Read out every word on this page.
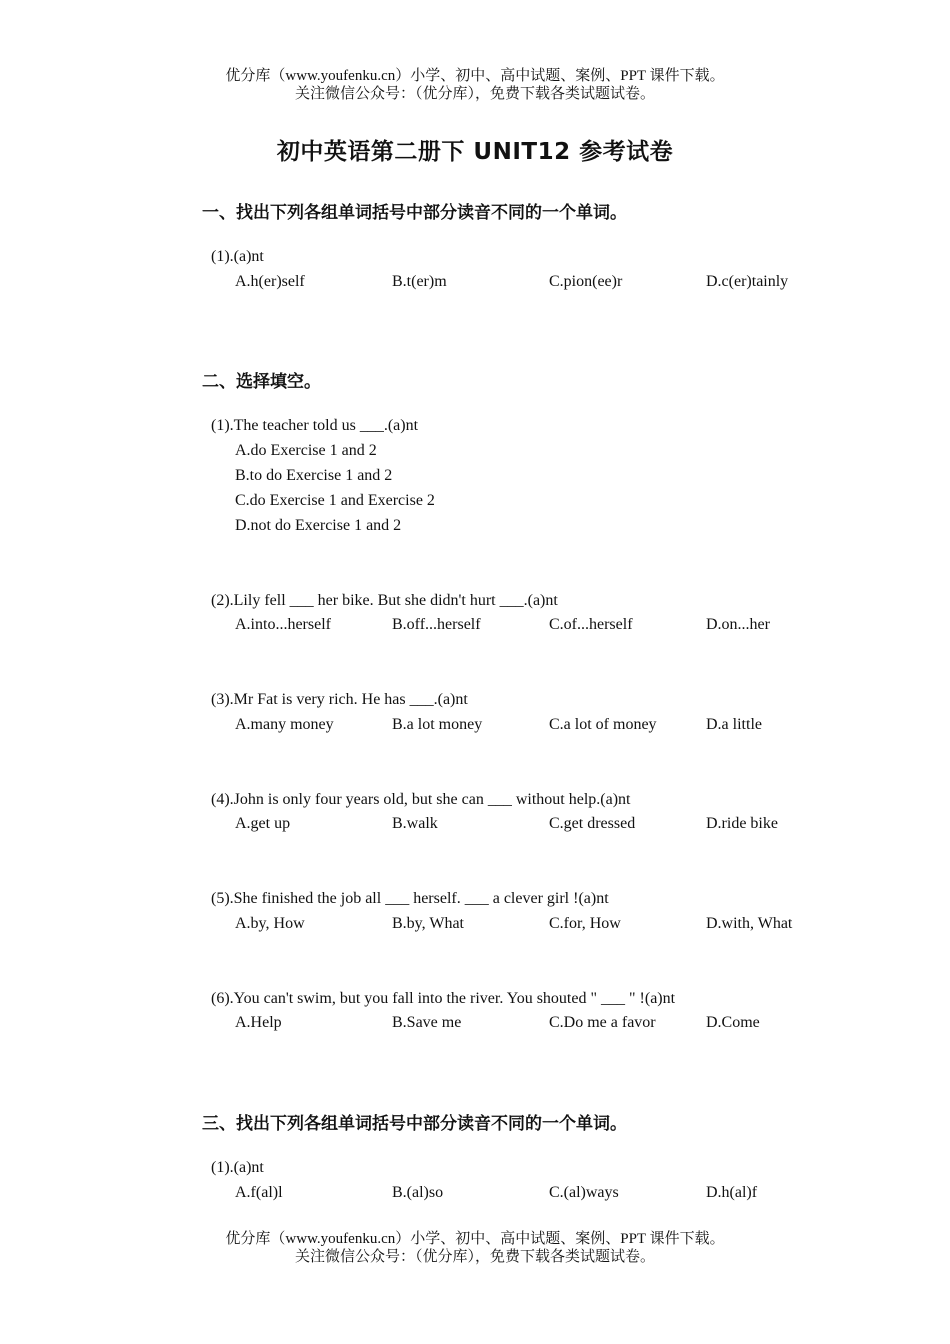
优分库（www.youfenku.cn）小学、初中、高中试题、案例、PPT 课件下载。
关注微信公众号：（优分库），免费下载各类试题试卷。
初中英语第二册下 UNIT12 参考试卷
一、找出下列各组单词括号中部分读音不同的一个单词。
(1).(a)nt
A.h(er)self	B.t(er)m	C.pion(ee)r	D.c(er)tainly
二、选择填空。
(1).The teacher told us ___.(a)nt
A.do Exercise 1 and 2
B.to do Exercise 1 and 2
C.do Exercise 1 and Exercise 2
D.not do Exercise 1 and 2
(2).Lily fell ___ her bike. But she didn't hurt ___.(a)nt
A.into...herself	B.off...herself	C.of...herself	D.on...her
(3).Mr Fat is very rich. He has ___.(a)nt
A.many money	B.a lot money	C.a lot of money	D.a little
(4).John is only four years old, but she can ___ without help.(a)nt
A.get up	B.walk	C.get dressed	D.ride bike
(5).She finished the job all ___ herself. ___ a clever girl !(a)nt
A.by, How	B.by, What	C.for, How	D.with, What
(6).You can't swim, but you fall into the river. You shouted " ___ " !(a)nt
A.Help	B.Save me	C.Do me a favor	D.Come
三、找出下列各组单词括号中部分读音不同的一个单词。
(1).(a)nt
A.f(al)l	B.(al)so	C.(al)ways	D.h(al)f
优分库（www.youfenku.cn）小学、初中、高中试题、案例、PPT 课件下载。
关注微信公众号：（优分库），免费下载各类试题试卷。
